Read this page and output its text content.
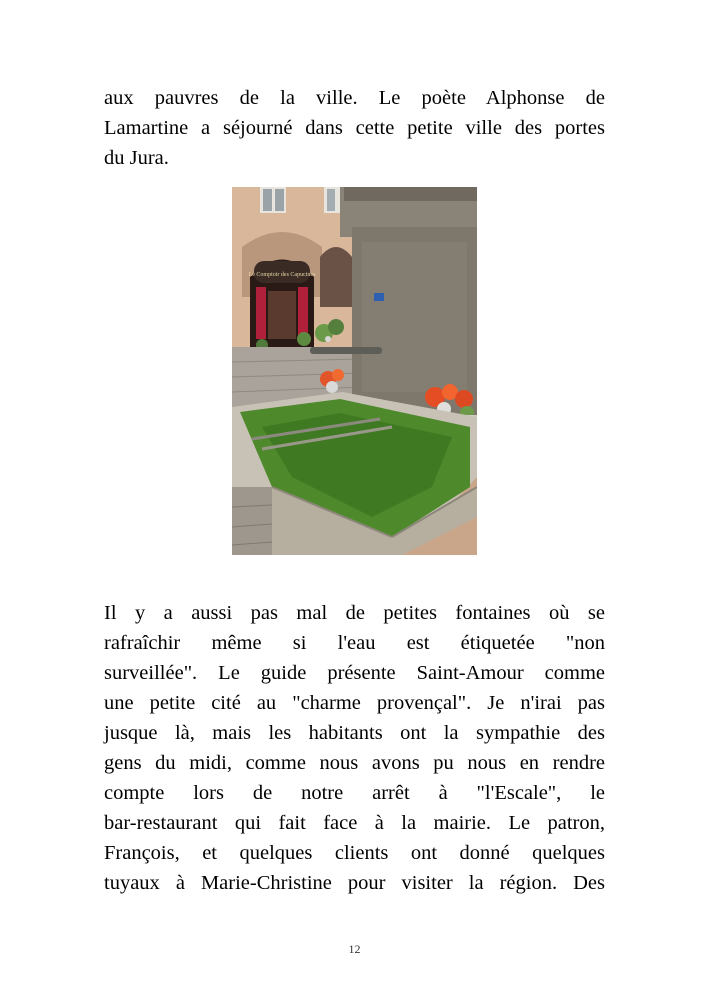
aux pauvres de la ville. Le poète Alphonse de
Lamartine a séjourné dans cette petite ville des portes
du Jura.
Le Comptoir des Capucines
Il y a aussi pas mal de petites fontaines où se
rafraîchir même si l'eau est étiquetée "non
surveillée". Le guide présente Saint-Amour comme
une petite cité au "charme provençal". Je n'irai pas
jusque là, mais les habitants ont la sympathie des
gens du midi, comme nous avons pu nous en rendre
compte lors de notre arrêt à "l'Escale", le
bar-restaurant qui fait face à la mairie. Le patron,
François, et quelques clients ont donné quelques
tuyaux à Marie-Christine pour visiter la région. Des
12
